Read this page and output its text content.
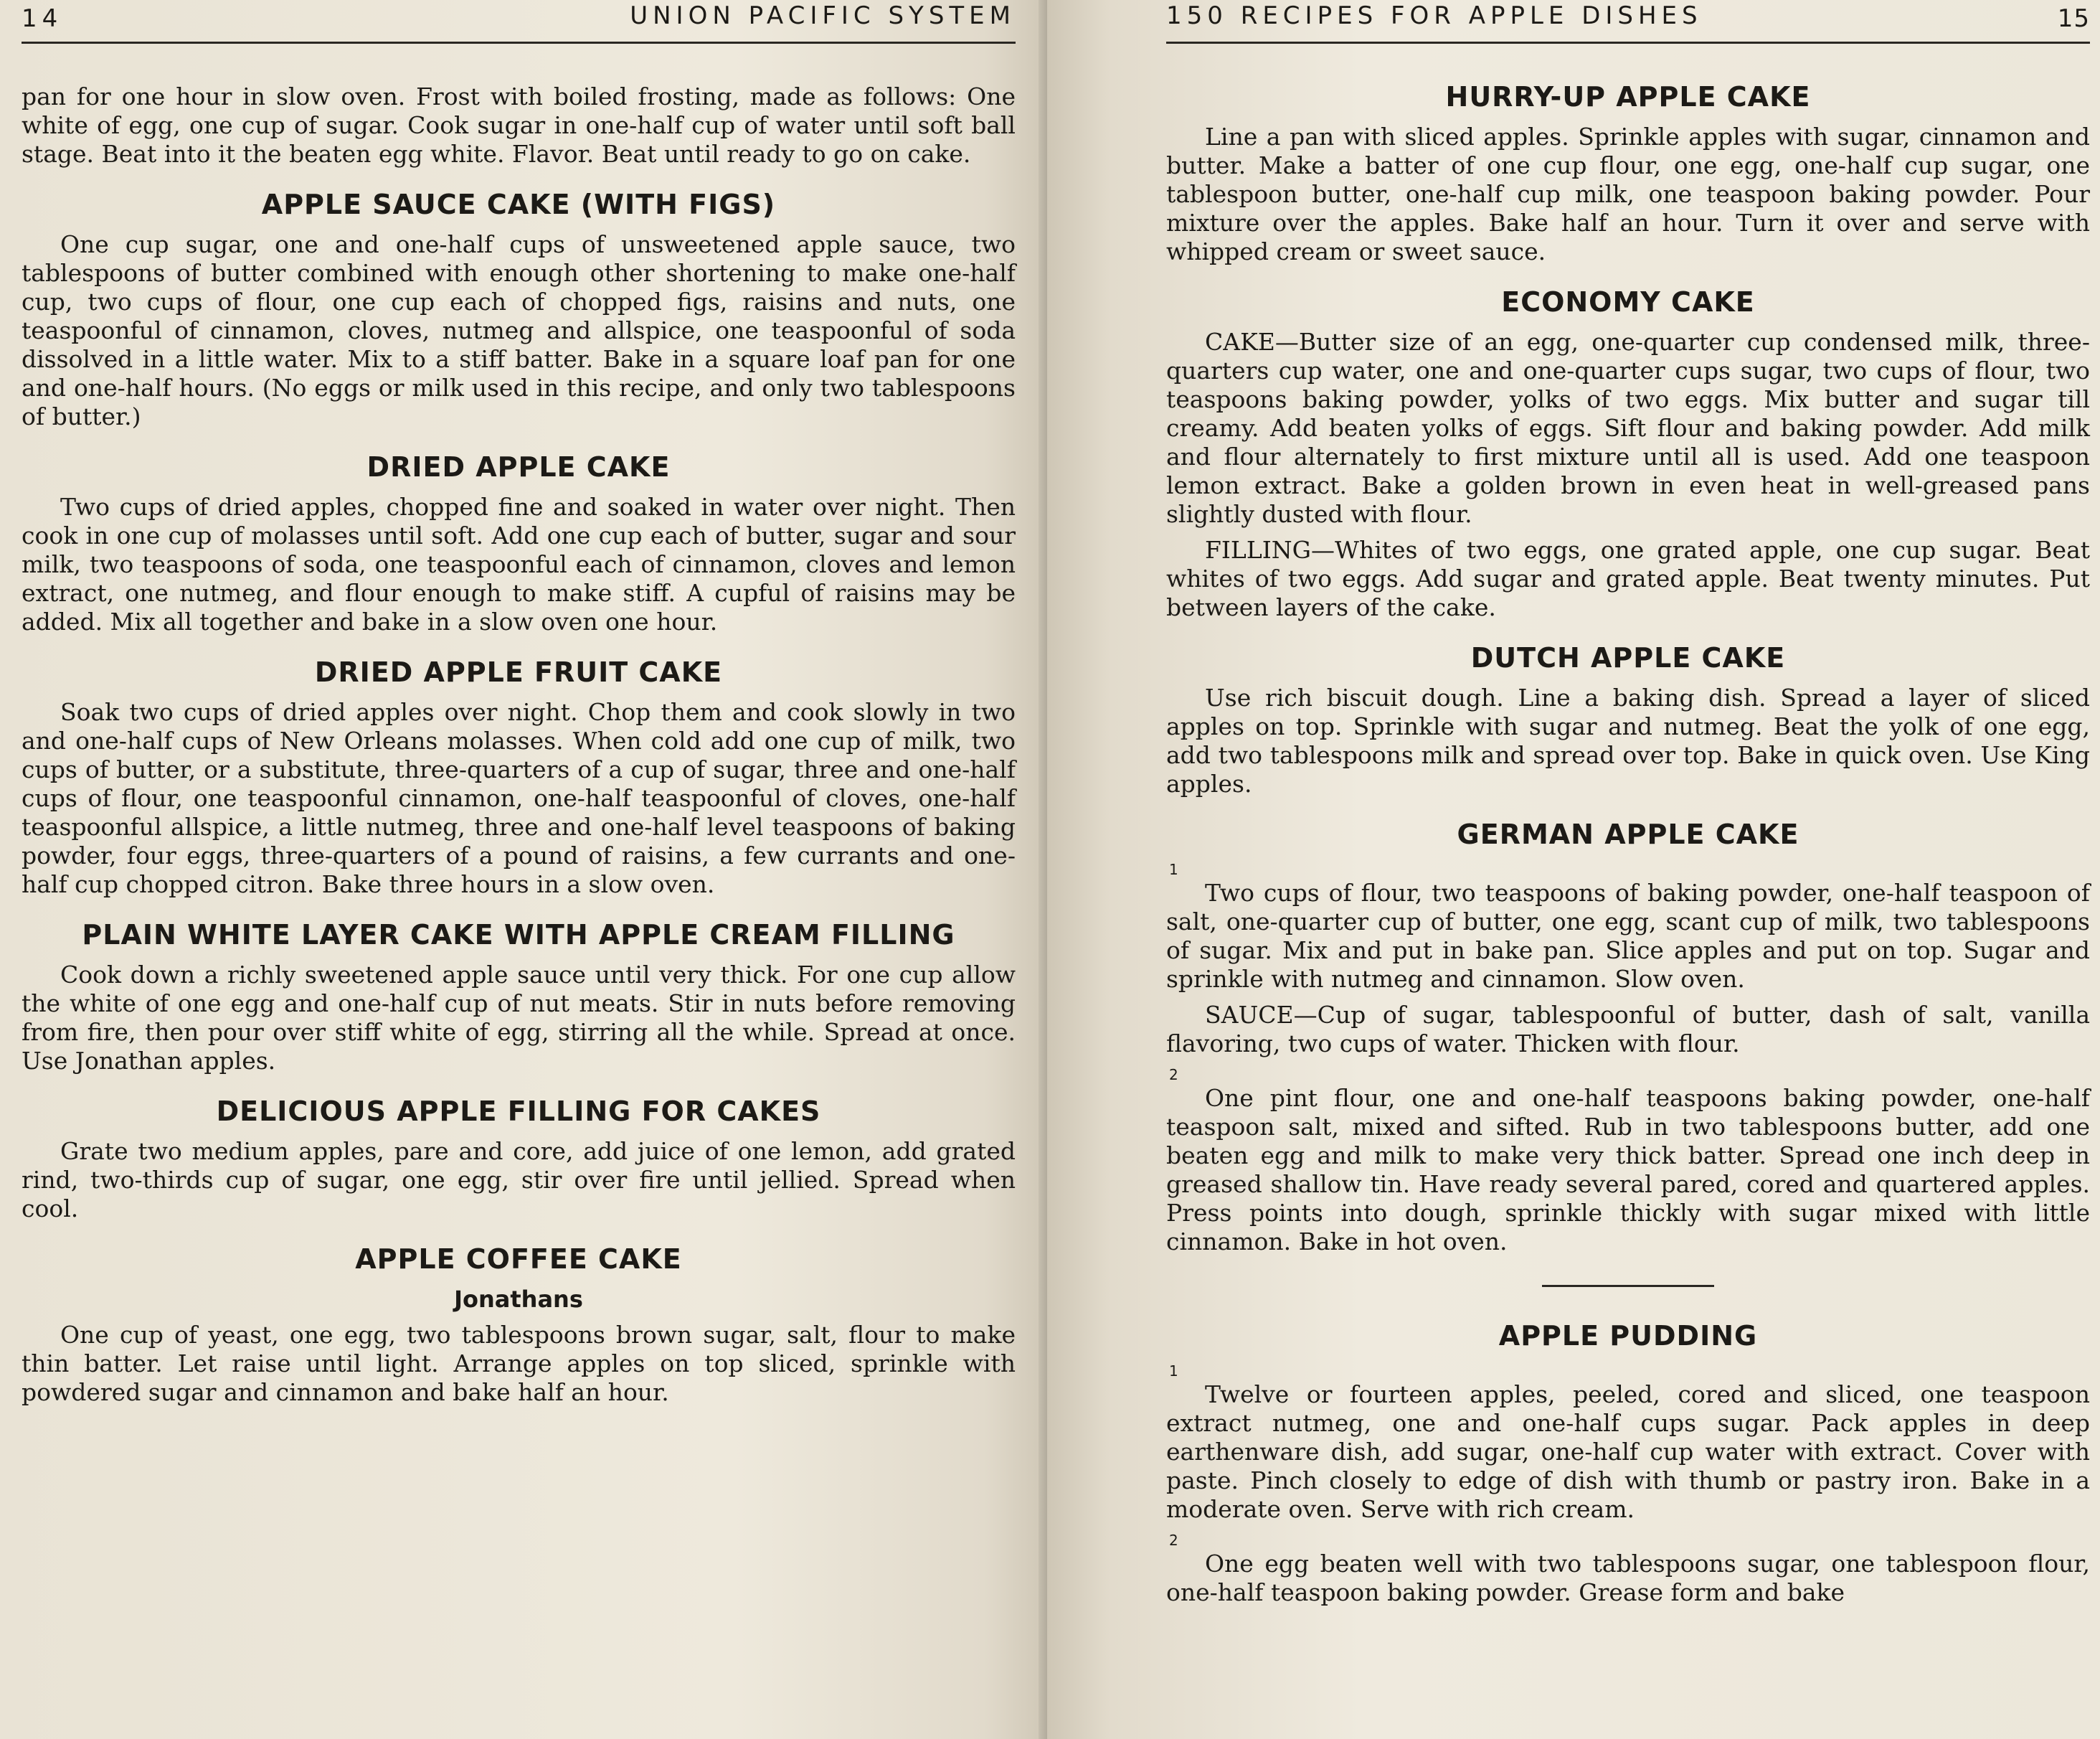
14	UNION PACIFIC SYSTEM

pan for one hour in slow oven. Frost with boiled frosting, made as follows: One white of egg, one cup of sugar. Cook sugar in one-half cup of water until soft ball stage. Beat into it the beaten egg white. Flavor. Beat until ready to go on cake.

APPLE SAUCE CAKE (WITH FIGS)

One cup sugar, one and one-half cups of unsweetened apple sauce, two tablespoons of butter combined with enough other shortening to make one-half cup, two cups of flour, one cup each of chopped figs, raisins and nuts, one teaspoonful of cinnamon, cloves, nutmeg and allspice, one teaspoonful of soda dissolved in a little water. Mix to a stiff batter. Bake in a square loaf pan for one and one-half hours. (No eggs or milk used in this recipe, and only two tablespoons of butter.)

DRIED APPLE CAKE

Two cups of dried apples, chopped fine and soaked in water over night. Then cook in one cup of molasses until soft. Add one cup each of butter, sugar and sour milk, two teaspoons of soda, one teaspoonful each of cinnamon, cloves and lemon extract, one nutmeg, and flour enough to make stiff. A cupful of raisins may be added. Mix all together and bake in a slow oven one hour.

DRIED APPLE FRUIT CAKE

Soak two cups of dried apples over night. Chop them and cook slowly in two and one-half cups of New Orleans molasses. When cold add one cup of milk, two cups of butter, or a substitute, three-quarters of a cup of sugar, three and one-half cups of flour, one teaspoonful cinnamon, one-half teaspoonful of cloves, one-half teaspoonful allspice, a little nutmeg, three and one-half level teaspoons of baking powder, four eggs, three-quarters of a pound of raisins, a few currants and one-half cup chopped citron. Bake three hours in a slow oven.

PLAIN WHITE LAYER CAKE WITH APPLE CREAM FILLING

Cook down a richly sweetened apple sauce until very thick. For one cup allow the white of one egg and one-half cup of nut meats. Stir in nuts before removing from fire, then pour over stiff white of egg, stirring all the while. Spread at once. Use Jonathan apples.

DELICIOUS APPLE FILLING FOR CAKES

Grate two medium apples, pare and core, add juice of one lemon, add grated rind, two-thirds cup of sugar, one egg, stir over fire until jellied. Spread when cool.

APPLE COFFEE CAKE
Jonathans

One cup of yeast, one egg, two tablespoons brown sugar, salt, flour to make thin batter. Let raise until light. Arrange apples on top sliced, sprinkle with powdered sugar and cinnamon and bake half an hour.

150 RECIPES FOR APPLE DISHES	15
HURRY-UP APPLE CAKE

Line a pan with sliced apples. Sprinkle apples with sugar, cinnamon and butter. Make a batter of one cup flour, one egg, one-half cup sugar, one tablespoon butter, one-half cup milk, one teaspoon baking powder. Pour mixture over the apples. Bake half an hour. Turn it over and serve with whipped cream or sweet sauce.

ECONOMY CAKE

CAKE—Butter size of an egg, one-quarter cup condensed milk, three-quarters cup water, one and one-quarter cups sugar, two cups of flour, two teaspoons baking powder, yolks of two eggs. Mix butter and sugar till creamy. Add beaten yolks of eggs. Sift flour and baking powder. Add milk and flour alternately to first mixture until all is used. Add one teaspoon lemon extract. Bake a golden brown in even heat in well-greased pans slightly dusted with flour.

FILLING—Whites of two eggs, one grated apple, one cup sugar. Beat whites of two eggs. Add sugar and grated apple. Beat twenty minutes. Put between layers of the cake.

DUTCH APPLE CAKE

Use rich biscuit dough. Line a baking dish. Spread a layer of sliced apples on top. Sprinkle with sugar and nutmeg. Beat the yolk of one egg, add two tablespoons milk and spread over top. Bake in quick oven. Use King apples.

GERMAN APPLE CAKE
1

Two cups of flour, two teaspoons of baking powder, one-half teaspoon of salt, one-quarter cup of butter, one egg, scant cup of milk, two tablespoons of sugar. Mix and put in bake pan. Slice apples and put on top. Sugar and sprinkle with nutmeg and cinnamon. Slow oven.

SAUCE—Cup of sugar, tablespoonful of butter, dash of salt, vanilla flavoring, two cups of water. Thicken with flour.

2

One pint flour, one and one-half teaspoons baking powder, one-half teaspoon salt, mixed and sifted. Rub in two tablespoons butter, add one beaten egg and milk to make very thick batter. Spread one inch deep in greased shallow tin. Have ready several pared, cored and quartered apples. Press points into dough, sprinkle thickly with sugar mixed with little cinnamon. Bake in hot oven.

APPLE PUDDING
1

Twelve or fourteen apples, peeled, cored and sliced, one teaspoon extract nutmeg, one and one-half cups sugar. Pack apples in deep earthenware dish, add sugar, one-half cup water with extract. Cover with paste. Pinch closely to edge of dish with thumb or pastry iron. Bake in a moderate oven. Serve with rich cream.

2

One egg beaten well with two tablespoons sugar, one tablespoon flour, one-half teaspoon baking powder. Grease form and bake
